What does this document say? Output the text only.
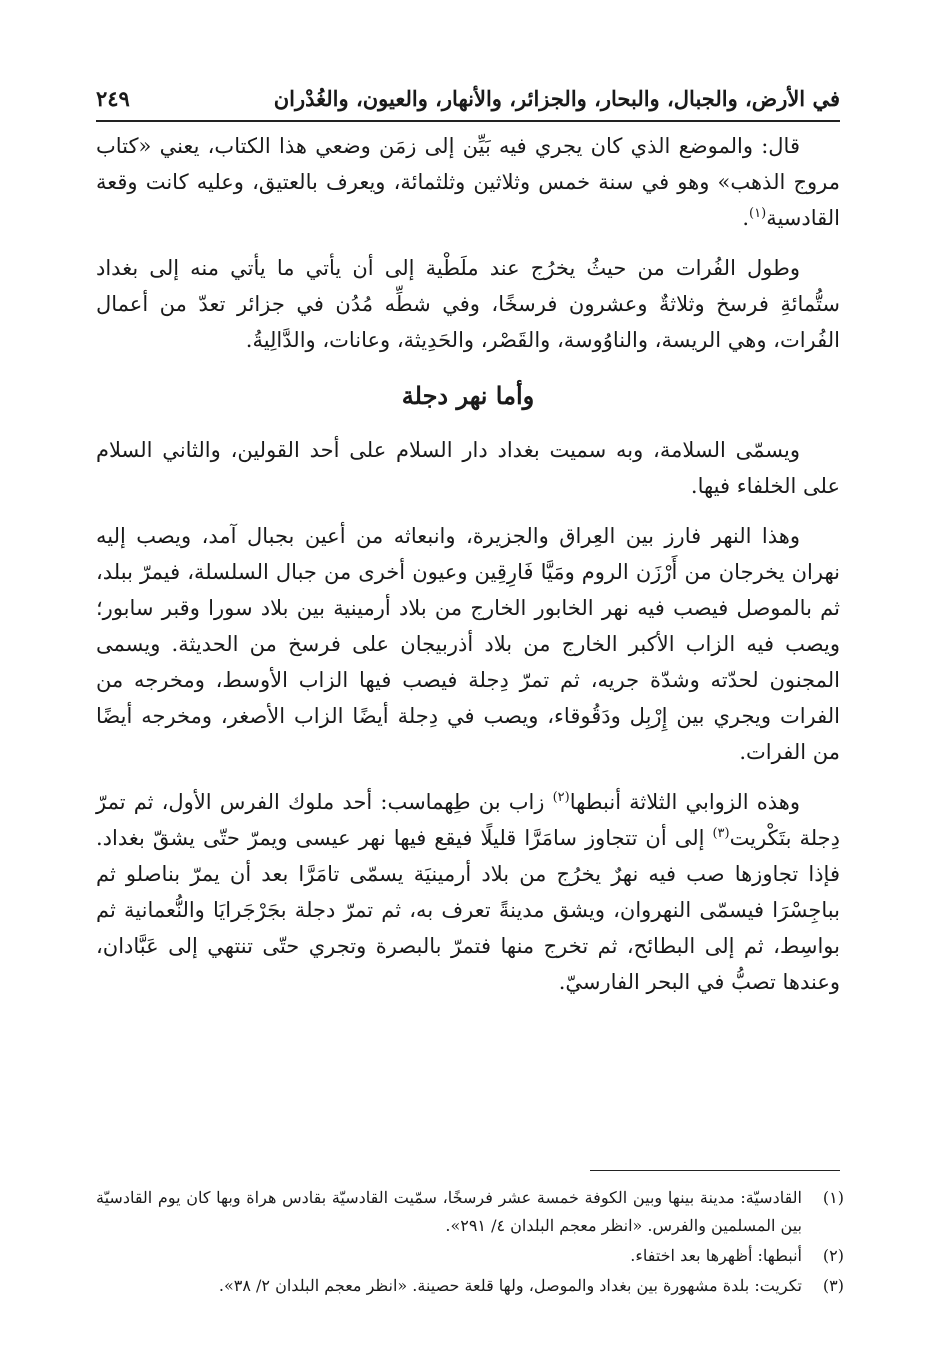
في الأرض، والجبال، والبحار، والجزائر، والأنهار، والعيون، والغُدْران
٢٤٩

قال: والموضع الذي كان يجري فيه بَيِّن إلى زمَن وضعي هذا الكتاب، يعني «كتاب مروج الذهب» وهو في سنة خمس وثلاثين وثلثمائة، ويعرف بالعتيق، وعليه كانت وقعة القادسية$^{(١)}$.

وطول الفُرات من حيثُ يخرُج عند ملَطْية إلى أن يأتي ما يأتي منه إلى بغداد ستُّمائةِ فرسخ وثلاثةٌ وعشرون فرسخًا، وفي شطِّه مُدُن في جزائر تعدّ من أعمال الفُرات، وهي الريسة، والناوُوسة، والقَصْر، والحَدِيثة، وعانات، والدَّالِيةُ.

وأما نهر دجلة

ويسمّى السلامة، وبه سميت بغداد دار السلام على أحد القولين، والثاني السلام على الخلفاء فيها.

وهذا النهر فارز بين العِراق والجزيرة، وانبعاثه من أعين بجبال آمد، ويصب إليه نهران يخرجان من أَرْزَن الروم ومَيَّا فَارِقِين وعيون أخرى من جبال السلسلة، فيمرّ ببلد، ثم بالموصل فيصب فيه نهر الخابور الخارج من بلاد أرمينية بين بلاد سورا وقبر سابور؛ ويصب فيه الزاب الأكبر الخارج من بلاد أذربيجان على فرسخ من الحديثة. ويسمى المجنون لحدّته وشدّة جريه، ثم تمرّ دِجلة فيصب فيها الزاب الأوسط، ومخرجه من الفرات ويجري بين إِرْبِل ودَقُوقاء، ويصب في دِجلة أيضًا الزاب الأصغر، ومخرجه أيضًا من الفرات.

وهذه الزوابي الثلاثة أنبطها$^{(٢)}$ زاب بن طِهماسب: أحد ملوك الفرس الأول، ثم تمرّ دِجلة بتَكْريت$^{(٣)}$ إلى أن تتجاوز سامَرَّا قليلًا فيقع فيها نهر عيسى ويمرّ حتّى يشقّ بغداد. فإذا تجاوزها صب فيه نهرٌ يخرُج من بلاد أرمينيَة يسمّى تامَرَّا بعد أن يمرّ بناصلو ثم بباجِسْرَا فيسمّى النهروان، ويشق مدينةً تعرف به، ثم تمرّ دجلة بجَرْجَرايَا والنُّعمانية ثم بواسِط، ثم إلى البطائح، ثم تخرج منها فتمرّ بالبصرة وتجري حتّى تنتهي إلى عَبَّادان، وعندها تصبُّ في البحر الفارسيّ.

(١)
القادسيّة: مدينة بينها وبين الكوفة خمسة عشر فرسخًا، سمّيت القادسيّة بقادس هراة وبها كان يوم القادسيّة بين المسلمين والفرس. «انظر معجم البلدان ٤/ ٢٩١».
(٢)
أنبطها: أظهرها بعد اختفاء.
(٣)
تكريت: بلدة مشهورة بين بغداد والموصل، ولها قلعة حصينة. «انظر معجم البلدان ٢/ ٣٨».
